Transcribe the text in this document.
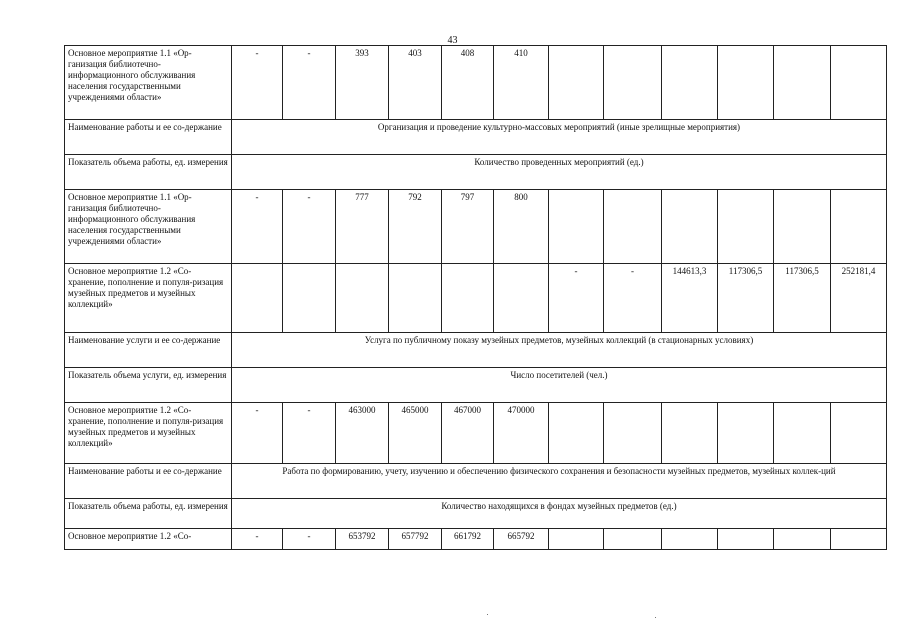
43
Основное мероприятие 1.1 «Ор-ганизация библиотечно-информационного обслуживания населения государственными учреждениями области»	-	-	393	403	408	410						
Наименование работы и ее со-держание	Организация и проведение культурно-массовых мероприятий (иные зрелищные мероприятия)											
Показатель объема работы, ед. измерения	Количество проведенных мероприятий (ед.)											
Основное мероприятие 1.1 «Ор-ганизация библиотечно-информационного обслуживания населения государственными учреждениями области»	-	-	777	792	797	800						
Основное мероприятие 1.2 «Со-хранение, пополнение и популя-ризация музейных предметов и музейных коллекций»							-	-	144613,3	117306,5	117306,5	252181,4
Наименование услуги и ее со-держание	Услуга по публичному показу музейных предметов, музейных коллекций (в стационарных условиях)											
Показатель объема услуги, ед. измерения	Число посетителей (чел.)											
Основное мероприятие 1.2 «Со-хранение, пополнение и популя-ризация музейных предметов и музейных коллекций»	-	-	463000	465000	467000	470000						
Наименование работы и ее со-держание	Работа по формированию, учету, изучению и обеспечению физического сохранения и безопасности музейных предметов, музейных коллек-ций											
Показатель объема работы, ед. измерения	Количество находящихся в фондах музейных предметов (ед.)											
Основное мероприятие 1.2 «Со-	-	-	653792	657792	661792	665792						
